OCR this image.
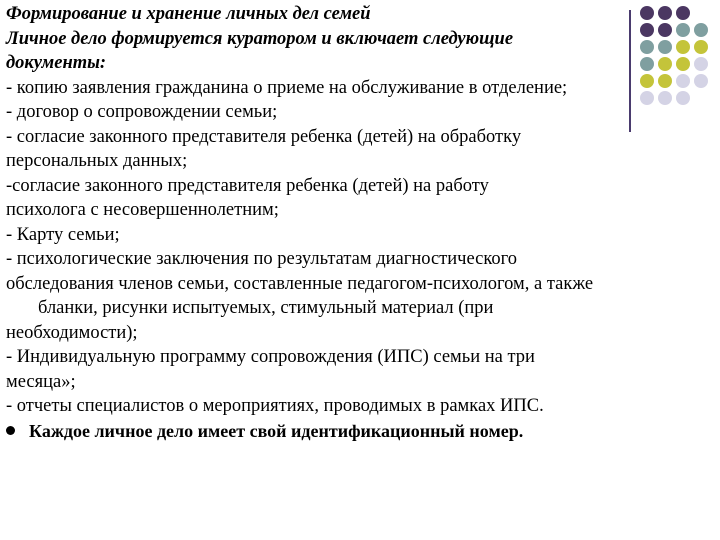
Формирование и хранение личных дел семей
Личное дело формируется куратором и включает следующие
документы:
- копию заявления гражданина о приеме на обслуживание в отделение;
- договор о сопровождении семьи;
- согласие законного представителя ребенка (детей) на обработку
персональных данных;
-согласие законного представителя ребенка (детей) на работу
психолога с несовершеннолетним;
- Карту семьи;
- психологические заключения по результатам диагностического
обследования членов семьи, составленные педагогом-психологом, а также
бланки, рисунки испытуемых, стимульный материал (при
необходимости);
- Индивидуальную программу сопровождения (ИПС) семьи на три
месяца»;
- отчеты специалистов о мероприятиях, проводимых в рамках ИПС.
Каждое личное дело имеет свой идентификационный номер.
